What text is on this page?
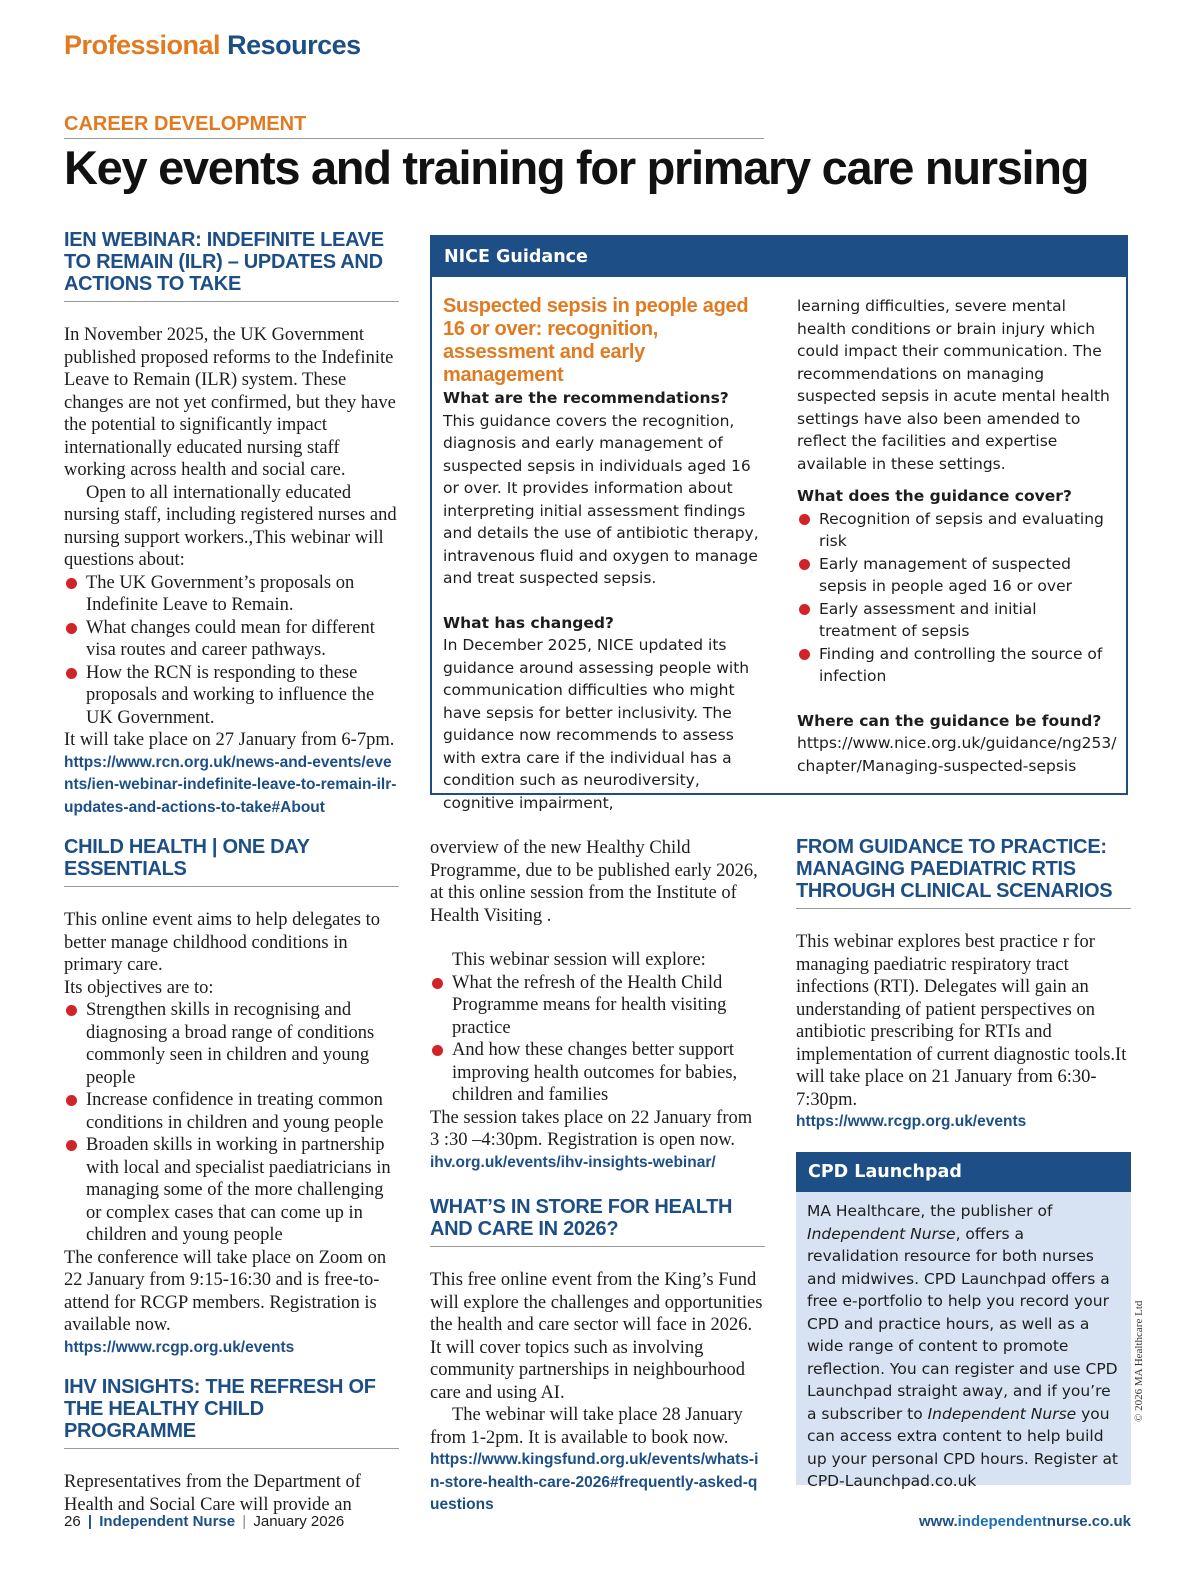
Professional Resources
CAREER DEVELOPMENT
Key events and training for primary care nursing
IEN WEBINAR: INDEFINITE LEAVE TO REMAIN (ILR) – UPDATES AND ACTIONS TO TAKE

In November 2025, the UK Government published proposed reforms to the Indefinite Leave to Remain (ILR) system. These changes are not yet confirmed, but they have the potential to significantly impact internationally educated nursing staff working across health and social care.

Open to all internationally educated nursing staff, including registered nurses and nursing support workers.,This webinar will questions about:

The UK Government’s proposals on Indefinite Leave to Remain.
What changes could mean for different visa routes and career pathways.
How the RCN is responding to these proposals and working to influence the UK Government.

It will take place on 27 January from 6-7pm.

https://www.rcn.org.uk/news-and-events/events/ien-webinar-indefinite-leave-to-remain-ilr-updates-and-actions-to-take#About
NICE Guidance
Suspected sepsis in people aged 16 or over: recognition, assessment and early management

What are the recommendations?

This guidance covers the recognition, diagnosis and early management of suspected sepsis in individuals aged 16 or over. It provides information about interpreting initial assessment findings and details the use of antibiotic therapy, intravenous fluid and oxygen to manage and treat suspected sepsis.

What has changed?

In December 2025, NICE updated its guidance around assessing people with communication difficulties who might have sepsis for better inclusivity. The guidance now recommends to assess with extra care if the individual has a condition such as neurodiversity, cognitive impairment,

learning difficulties, severe mental health conditions or brain injury which could impact their communication. The recommendations on managing suspected sepsis in acute mental health settings have also been amended to reflect the facilities and expertise available in these settings.

What does the guidance cover?

Recognition of sepsis and evaluating risk
Early management of suspected sepsis in people aged 16 or over
Early assessment and initial treatment of sepsis
Finding and controlling the source of infection

Where can the guidance be found?

https://www.nice.org.uk/guidance/ng253/chapter/Managing-suspected-sepsis

CHILD HEALTH | ONE DAY ESSENTIALS

This online event aims to help delegates to better manage childhood conditions in primary care.

Its objectives are to:

Strengthen skills in recognising and diagnosing a broad range of conditions commonly seen in children and young people
Increase confidence in treating common conditions in children and young people
Broaden skills in working in partnership with local and specialist paediatricians in managing some of the more challenging or complex cases that can come up in children and young people

The conference will take place on Zoom on 22 January from 9:15-16:30 and is free-to-attend for RCGP members. Registration is available now.

https://www.rcgp.org.uk/events
IHV INSIGHTS: THE REFRESH OF THE HEALTHY CHILD PROGRAMME

Representatives from the Department of Health and Social Care will provide an

overview of the new Healthy Child Programme, due to be published early 2026, at this online session from the Institute of Health Visiting .

This webinar session will explore:

What the refresh of the Health Child Programme means for health visiting practice
And how these changes better support improving health outcomes for babies, children and families

The session takes place on 22 January from 3 :30 –4:30pm. Registration is open now.

ihv.org.uk/events/ihv-insights-webinar/
WHAT’S IN STORE FOR HEALTH AND CARE IN 2026?

This free online event from the King’s Fund will explore the challenges and opportunities the health and care sector will face in 2026. It will cover topics such as involving community partnerships in neighbourhood care and using AI.

The webinar will take place 28 January from 1-2pm. It is available to book now.

https://www.kingsfund.org.uk/events/whats-in-store-health-care-2026#frequently-asked-questions
FROM GUIDANCE TO PRACTICE: MANAGING PAEDIATRIC RTIS THROUGH CLINICAL SCENARIOS

This webinar explores best practice r for managing paediatric respiratory tract infections (RTI). Delegates will gain an understanding of patient perspectives on antibiotic prescribing for RTIs and implementation of current diagnostic tools.It will take place on 21 January from 6:30-7:30pm.

https://www.rcgp.org.uk/events
CPD Launchpad
MA Healthcare, the publisher of Independent Nurse, offers a revalidation resource for both nurses and midwives. CPD Launchpad offers a free e-portfolio to help you record your CPD and practice hours, as well as a wide range of content to promote reflection. You can register and use CPD Launchpad straight away, and if you’re a subscriber to Independent Nurse you can access extra content to help build up your personal CPD hours. Register at CPD-Launchpad.co.uk
© 2026 MA Healthcare Ltd
26 | Independent Nurse | January 2026	www.independentnurse.co.uk
